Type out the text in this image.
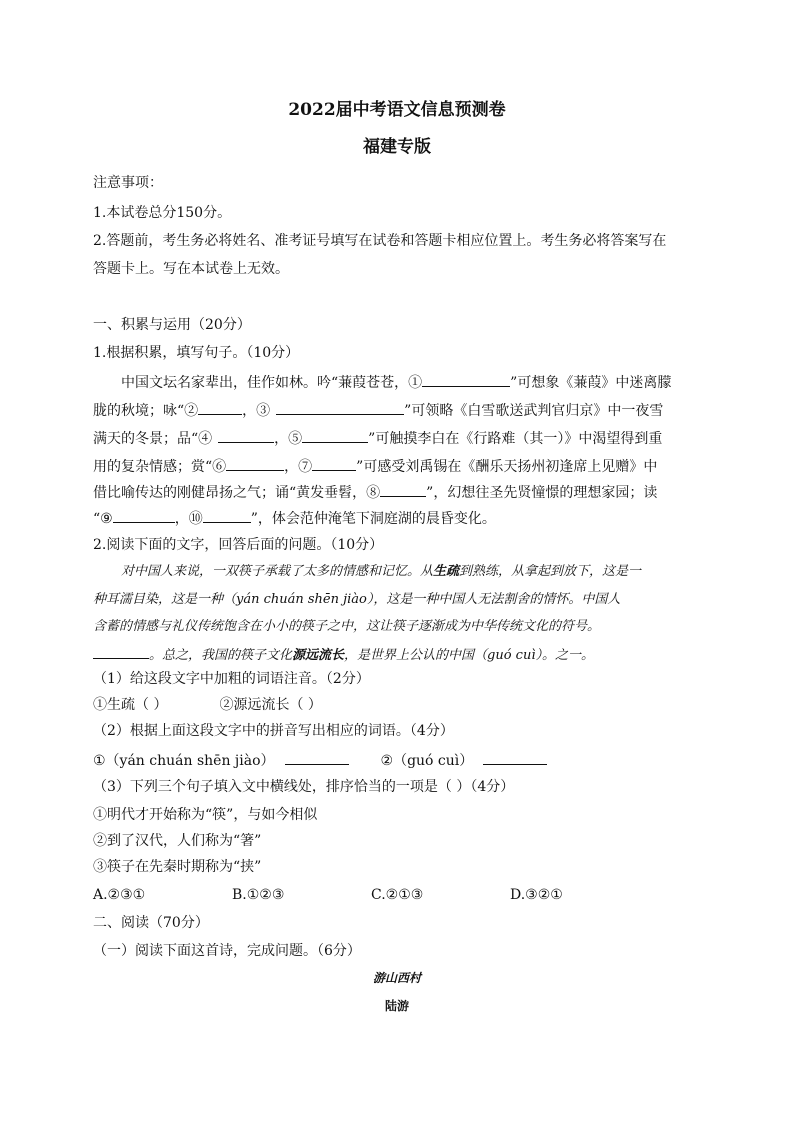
2022届中考语文信息预测卷
福建专版
注意事项：
1.本试卷总分150分。
2.答题前，考生务必将姓名、准考证号填写在试卷和答题卡相应位置上。考生务必将答案写在
答题卡上。写在本试卷上无效。
一、积累与运用（20分）
1.根据积累，填写句子。（10分）
中国文坛名家辈出，佳作如林。吟“蒹葭苍苍，①	”可想象《蒹葭》中迷离朦
胧的秋境；咏“②	，③	”可领略《白雪歌送武判官归京》中一夜雪
满天的冬景；品“④	，⑤	”可触摸李白在《行路难（其一）》中渴望得到重
用的复杂情感；赏“⑥	，⑦	”可感受刘禹锡在《酬乐天扬州初逢席上见赠》中
借比喻传达的刚健昂扬之气；诵“黄发垂髫，⑧	”，幻想往圣先贤憧憬的理想家园；读
“⑨	，⑩	”，体会范仲淹笔下洞庭湖的晨昏变化。
2.阅读下面的文字，回答后面的问题。（10分）
对中国人来说，一双筷子承载了太多的情感和记忆。从生疏到熟练，从拿起到放下，这是一
种耳濡目染，这是一种（yán chuán shēn jiào），这是一种中国人无法割舍的情怀。中国人
含蓄的情感与礼仪传统饱含在小小的筷子之中，这让筷子逐渐成为中华传统文化的符号。
。总之，我国的筷子文化源远流长，是世界上公认的中国（guó cuì）。之一。
（1）给这段文字中加粗的词语注音。（2分）
①生疏（ ）	②源远流长（ ）
（2）根据上面这段文字中的拼音写出相应的词语。（4分）
①（yán chuán shēn jiào）	②（guó cuì）
（3）下列三个句子填入文中横线处，排序恰当的一项是（ ）（4分）
①明代才开始称为“筷”，与如今相似
②到了汉代，人们称为“箸”
③筷子在先秦时期称为“挟”
A.②③①	B.①②③	C.②①③	D.③②①
二、阅读（70分）
（一）阅读下面这首诗，完成问题。（6分）
游山西村
陆游
